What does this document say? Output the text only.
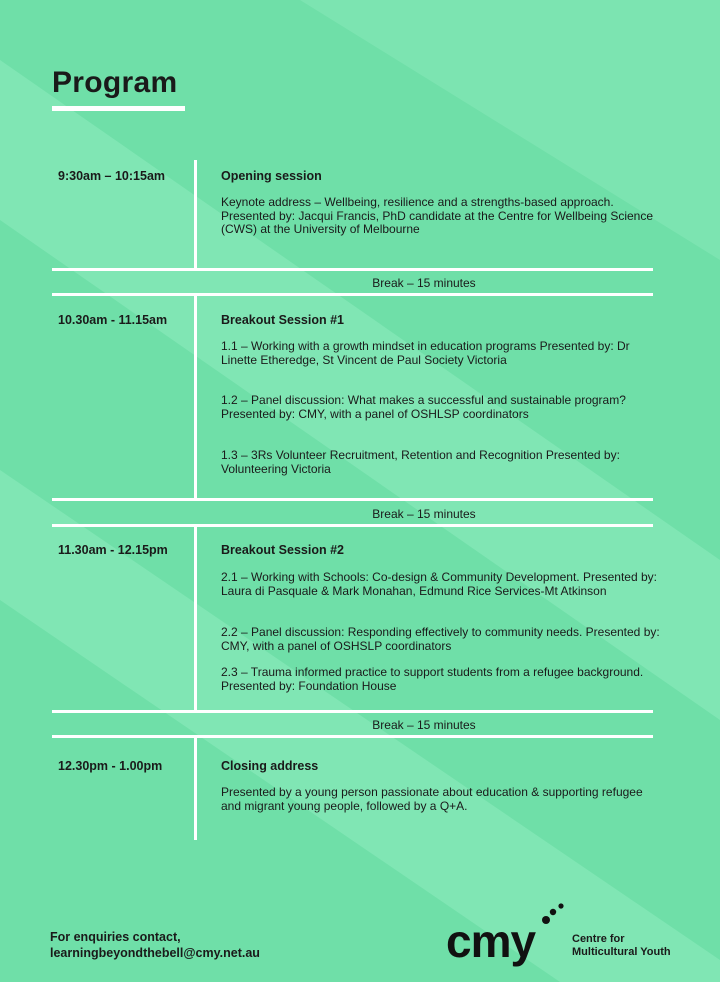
Program
9:30am – 10:15am	Opening session
Keynote address – Wellbeing, resilience and a strengths-based approach. Presented by: Jacqui Francis, PhD candidate at the Centre for Wellbeing Science (CWS) at the University of Melbourne
Break – 15 minutes
10.30am - 11.15am	Breakout Session #1
1.1 – Working with a growth mindset in education programs Presented by: Dr Linette Etheredge, St Vincent de Paul Society Victoria
1.2 – Panel discussion: What makes a successful and sustainable program? Presented by: CMY, with a panel of OSHLSP coordinators
1.3 – 3Rs Volunteer Recruitment, Retention and Recognition Presented by: Volunteering Victoria
Break – 15 minutes
11.30am - 12.15pm	Breakout Session #2
2.1 – Working with Schools: Co-design & Community Development. Presented by: Laura di Pasquale & Mark Monahan, Edmund Rice Services-Mt Atkinson
2.2 – Panel discussion: Responding effectively to community needs. Presented by: CMY, with a panel of OSHSLP coordinators
2.3 – Trauma informed practice to support students from a refugee background. Presented by: Foundation House
Break – 15 minutes
12.30pm - 1.00pm	Closing address
Presented by a young person passionate about education & supporting refugee and migrant young people, followed by a Q+A.
For enquiries contact,
learningbeyondthebell@cmy.net.au	cmy	Centre for
Multicultural Youth
